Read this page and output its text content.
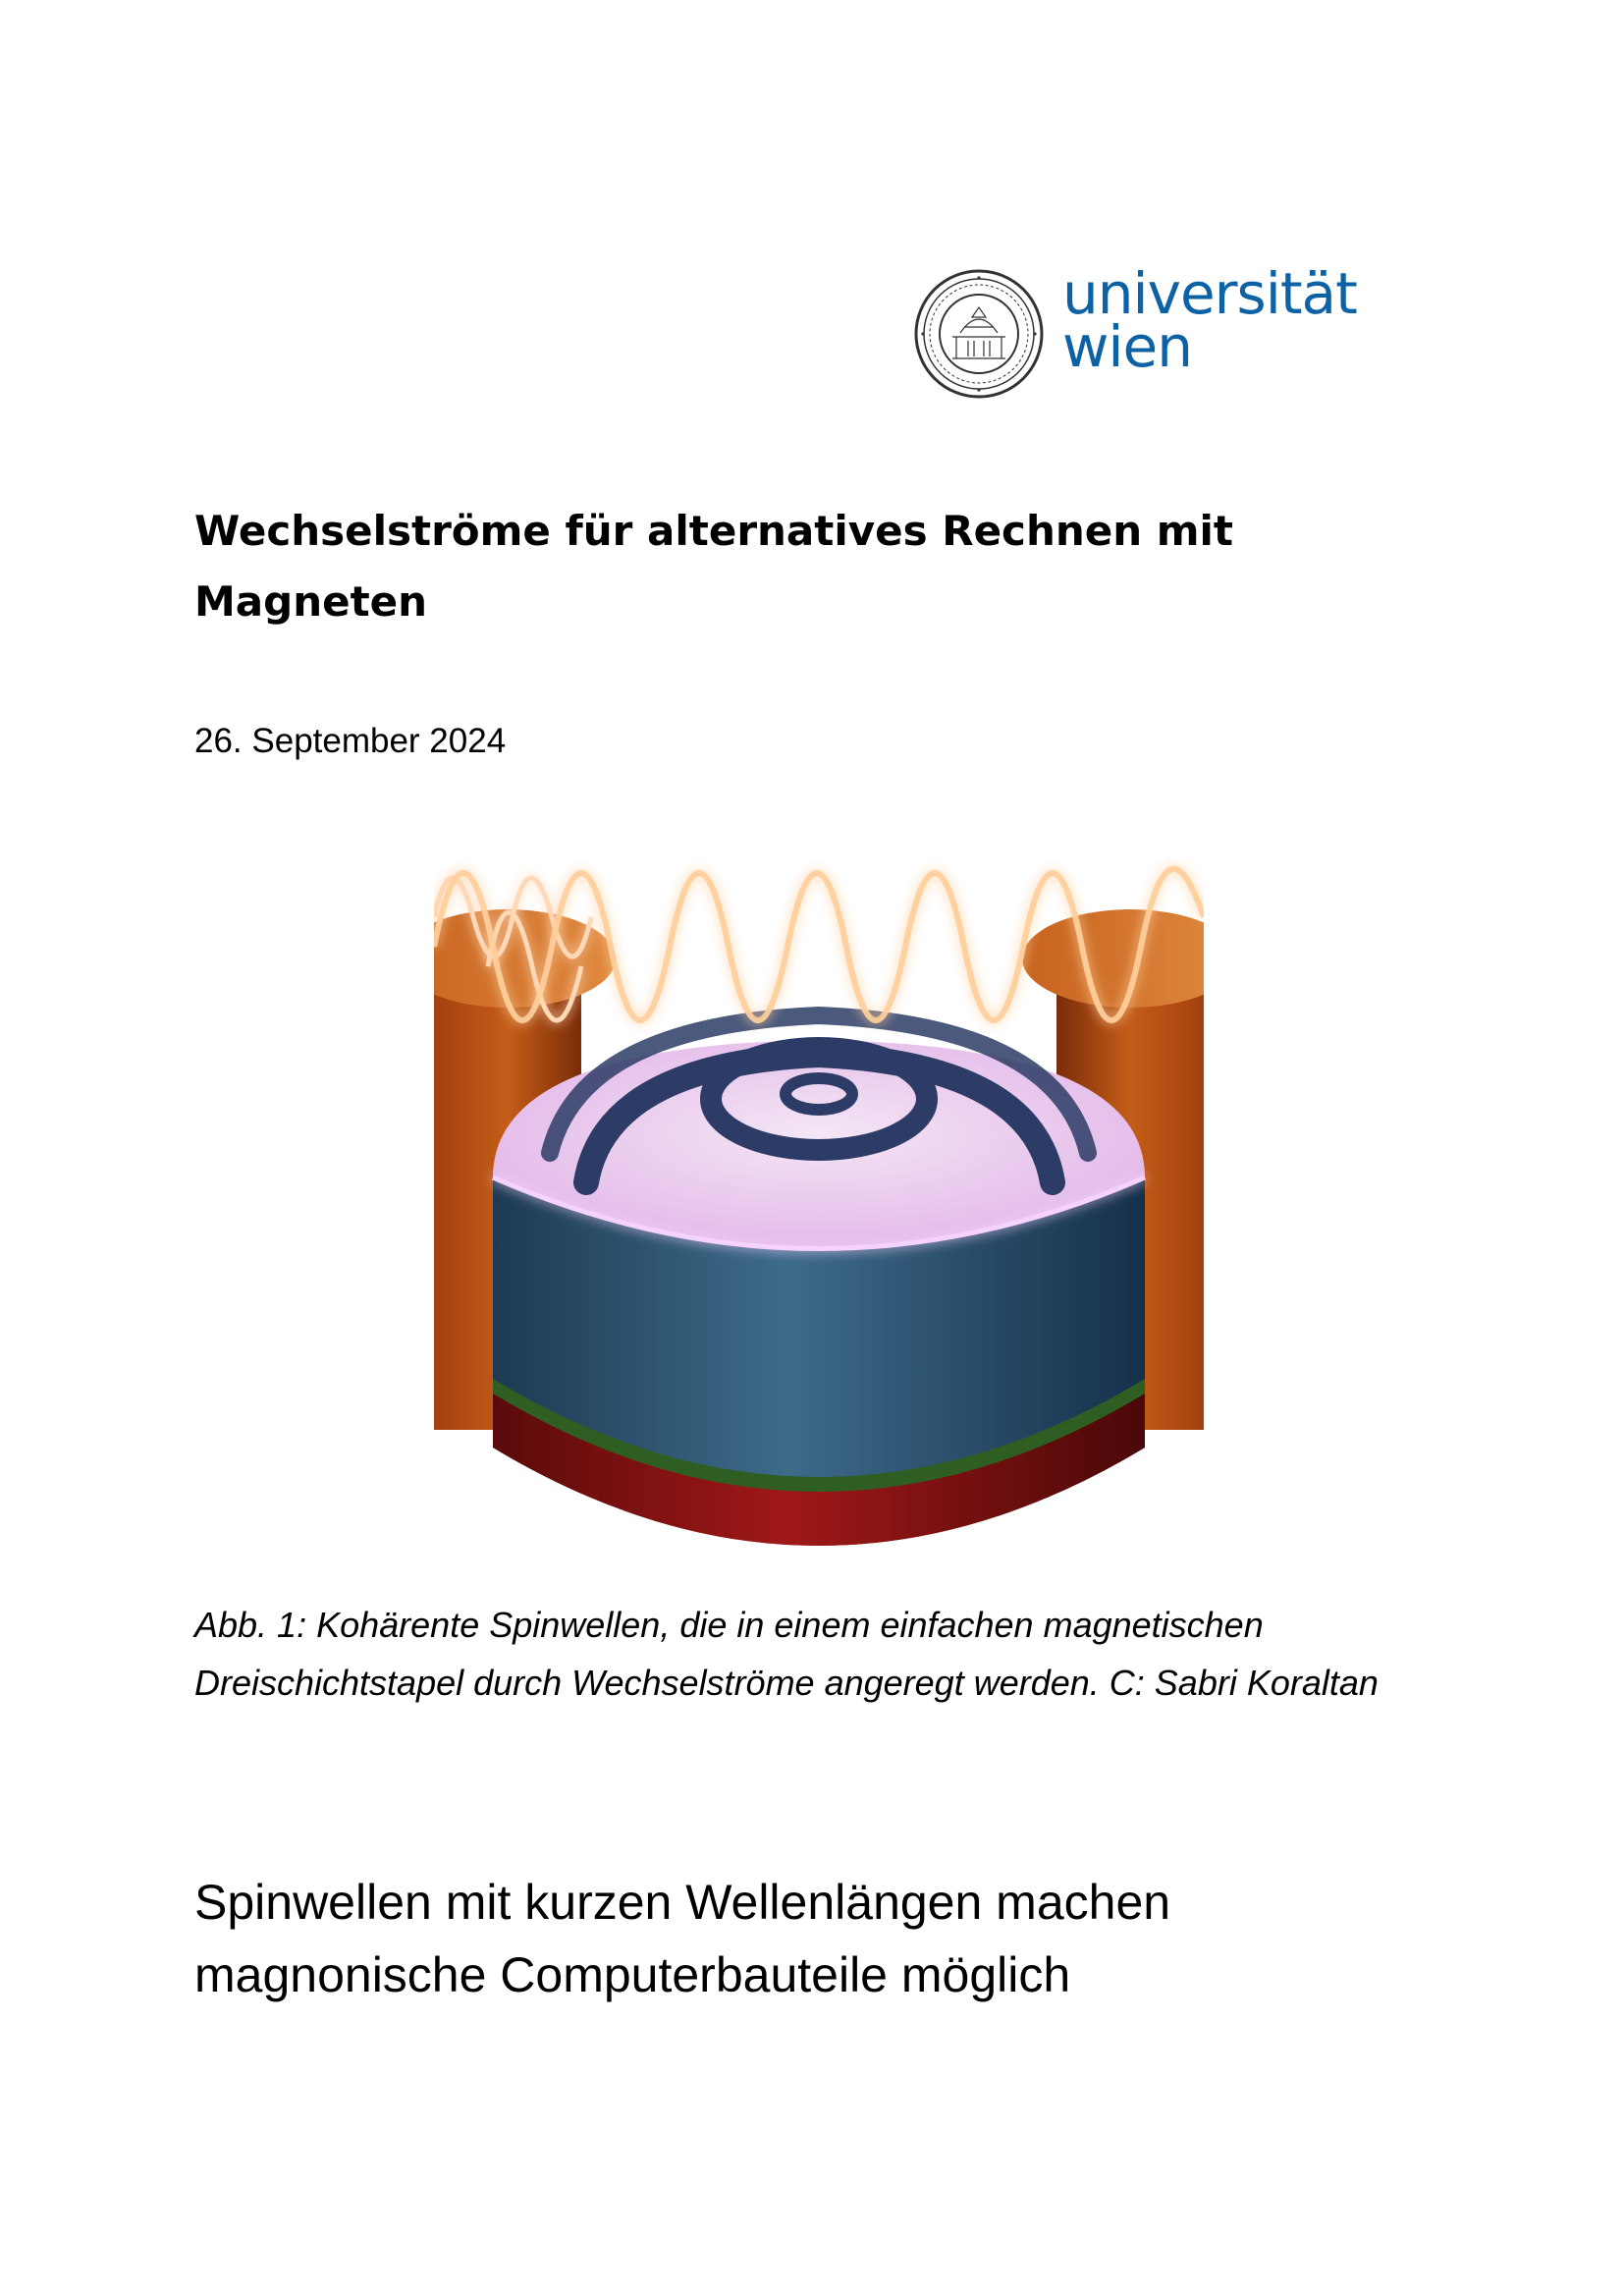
universität
wien
Wechselströme für alternatives Rechnen mit Magneten
26. September 2024
Abb. 1: Kohärente Spinwellen, die in einem einfachen magnetischen Dreischichtstapel durch Wechselströme angeregt werden. C: Sabri Koraltan
Spinwellen mit kurzen Wellenlängen machen magnonische Computerbauteile möglich
